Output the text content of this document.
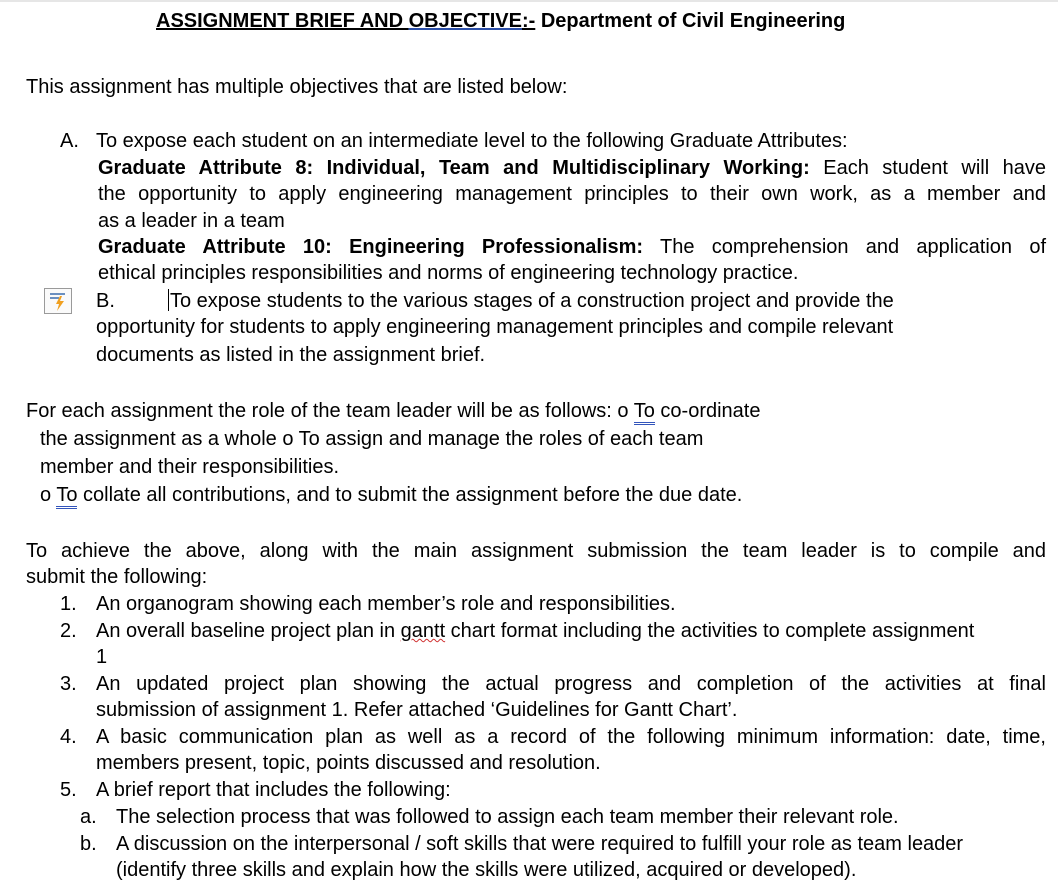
ASSIGNMENT BRIEF AND OBJECTIVE:- Department of Civil Engineering
This assignment has multiple objectives that are listed below:
A. To expose each student on an intermediate level to the following Graduate Attributes:
Graduate Attribute 8: Individual, Team and Multidisciplinary Working: Each student will have
the opportunity to apply engineering management principles to their own work, as a member and
as a leader in a team
Graduate Attribute 10: Engineering Professionalism: The comprehension and application of
ethical principles responsibilities and norms of engineering technology practice.
B.	To expose students to the various stages of a construction project and provide the
opportunity for students to apply engineering management principles and compile relevant
documents as listed in the assignment brief.
For each assignment the role of the team leader will be as follows: o To co-ordinate
the assignment as a whole o To assign and manage the roles of each team
member and their responsibilities.
o To collate all contributions, and to submit the assignment before the due date.
To achieve the above, along with the main assignment submission the team leader is to compile and
submit the following:
1. An organogram showing each member’s role and responsibilities.
2. An overall baseline project plan in gantt chart format including the activities to complete assignment
1
3. An updated project plan showing the actual progress and completion of the activities at final
submission of assignment 1. Refer attached ‘Guidelines for Gantt Chart’.
4. A basic communication plan as well as a record of the following minimum information: date, time,
members present, topic, points discussed and resolution.
5. A brief report that includes the following:
a. The selection process that was followed to assign each team member their relevant role.
b. A discussion on the interpersonal / soft skills that were required to fulfill your role as team leader
(identify three skills and explain how the skills were utilized, acquired or developed).
